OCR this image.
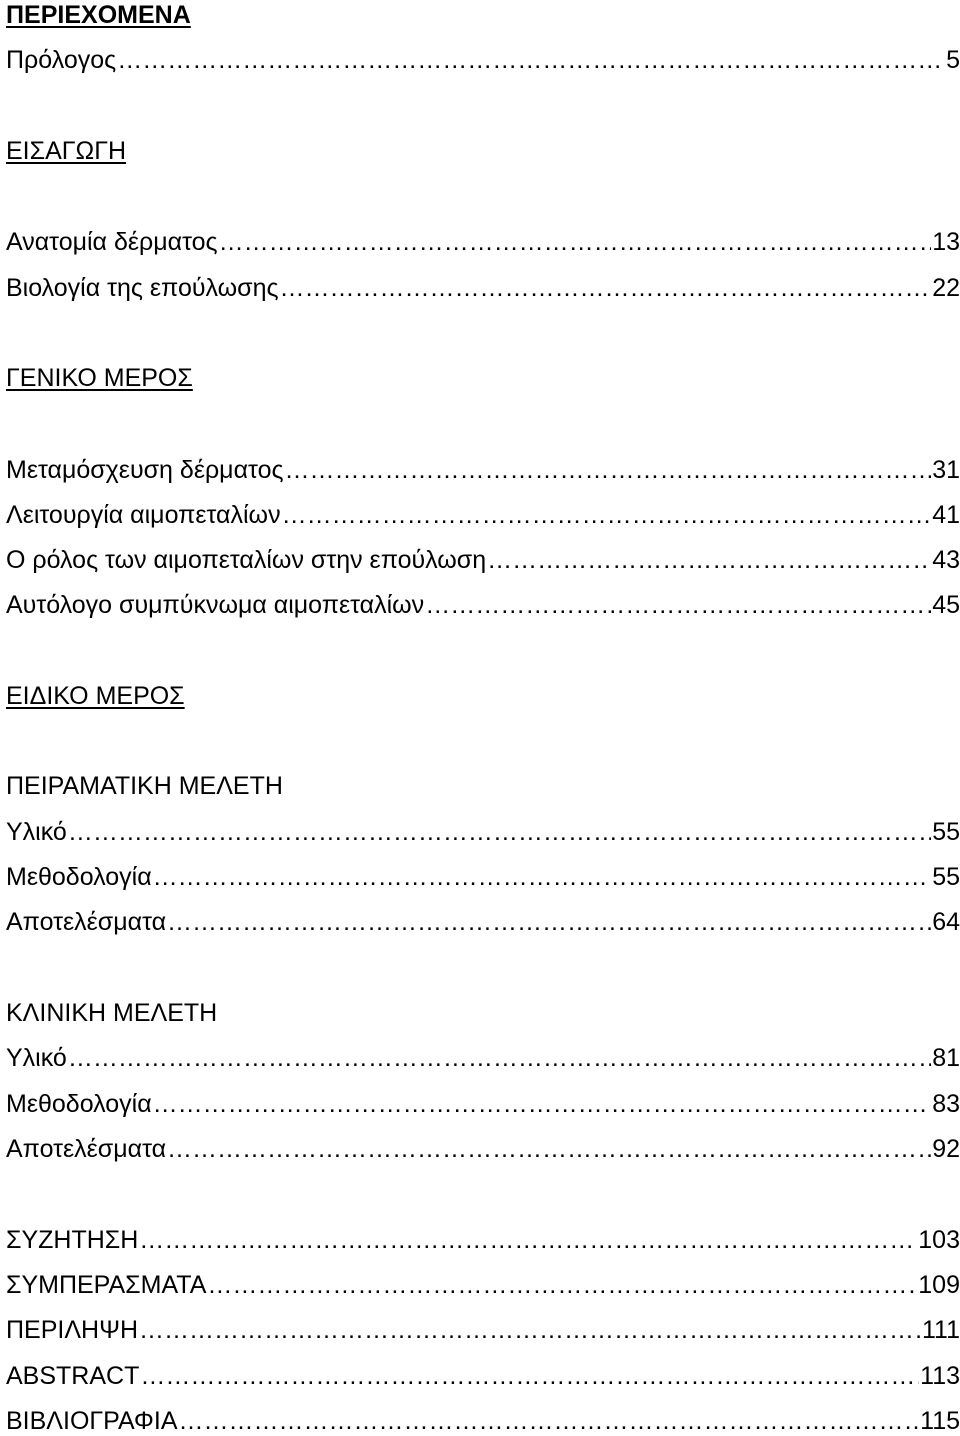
ΠΕΡΙΕΧΟΜΕΝΑ
Πρόλογος ……………………………………………………………………………………………………………………………………………………………………………………………………………………………………………………………………	5
ΕΙΣΑΓΩΓΗ
Ανατομία δέρματος ……………………………………………………………………………………………………………………………………………………………………………………………………………………………………………………………………	13
Βιολογία της επούλωσης ……………………………………………………………………………………………………………………………………………………………………………………………………………………………………………………………………	22
ΓΕΝΙΚΟ ΜΕΡΟΣ
Μεταμόσχευση δέρματος ……………………………………………………………………………………………………………………………………………………………………………………………………………………………………………………………………	31
Λειτουργία αιμοπεταλίων ……………………………………………………………………………………………………………………………………………………………………………………………………………………………………………………………………	41
Ο ρόλος των αιμοπεταλίων στην επούλωση ……………………………………………………………………………………………………………………………………………………………………………………………………………………………………………………………………	43
Αυτόλογο συμπύκνωμα αιμοπεταλίων ……………………………………………………………………………………………………………………………………………………………………………………………………………………………………………………………………	45
ΕΙΔΙΚΟ ΜΕΡΟΣ
ΠΕΙΡΑΜΑΤΙΚΗ ΜΕΛΕΤΗ
Υλικό ……………………………………………………………………………………………………………………………………………………………………………………………………………………………………………………………………	55
Μεθοδολογία ……………………………………………………………………………………………………………………………………………………………………………………………………………………………………………………………………	55
Αποτελέσματα ……………………………………………………………………………………………………………………………………………………………………………………………………………………………………………………………………	64
ΚΛΙΝΙΚΗ ΜΕΛΕΤΗ
Υλικό ……………………………………………………………………………………………………………………………………………………………………………………………………………………………………………………………………	81
Μεθοδολογία ……………………………………………………………………………………………………………………………………………………………………………………………………………………………………………………………………	83
Αποτελέσματα ……………………………………………………………………………………………………………………………………………………………………………………………………………………………………………………………………	92
ΣΥΖΗΤΗΣΗ ……………………………………………………………………………………………………………………………………………………………………………………………………………………………………………………………………	103
ΣΥΜΠΕΡΑΣΜΑΤΑ ……………………………………………………………………………………………………………………………………………………………………………………………………………………………………………………………………	109
ΠΕΡΙΛΗΨΗ ……………………………………………………………………………………………………………………………………………………………………………………………………………………………………………………………………	111
ABSTRACT ……………………………………………………………………………………………………………………………………………………………………………………………………………………………………………………………………	113
ΒΙΒΛΙΟΓΡΑΦΙΑ ……………………………………………………………………………………………………………………………………………………………………………………………………………………………………………………………………	115
